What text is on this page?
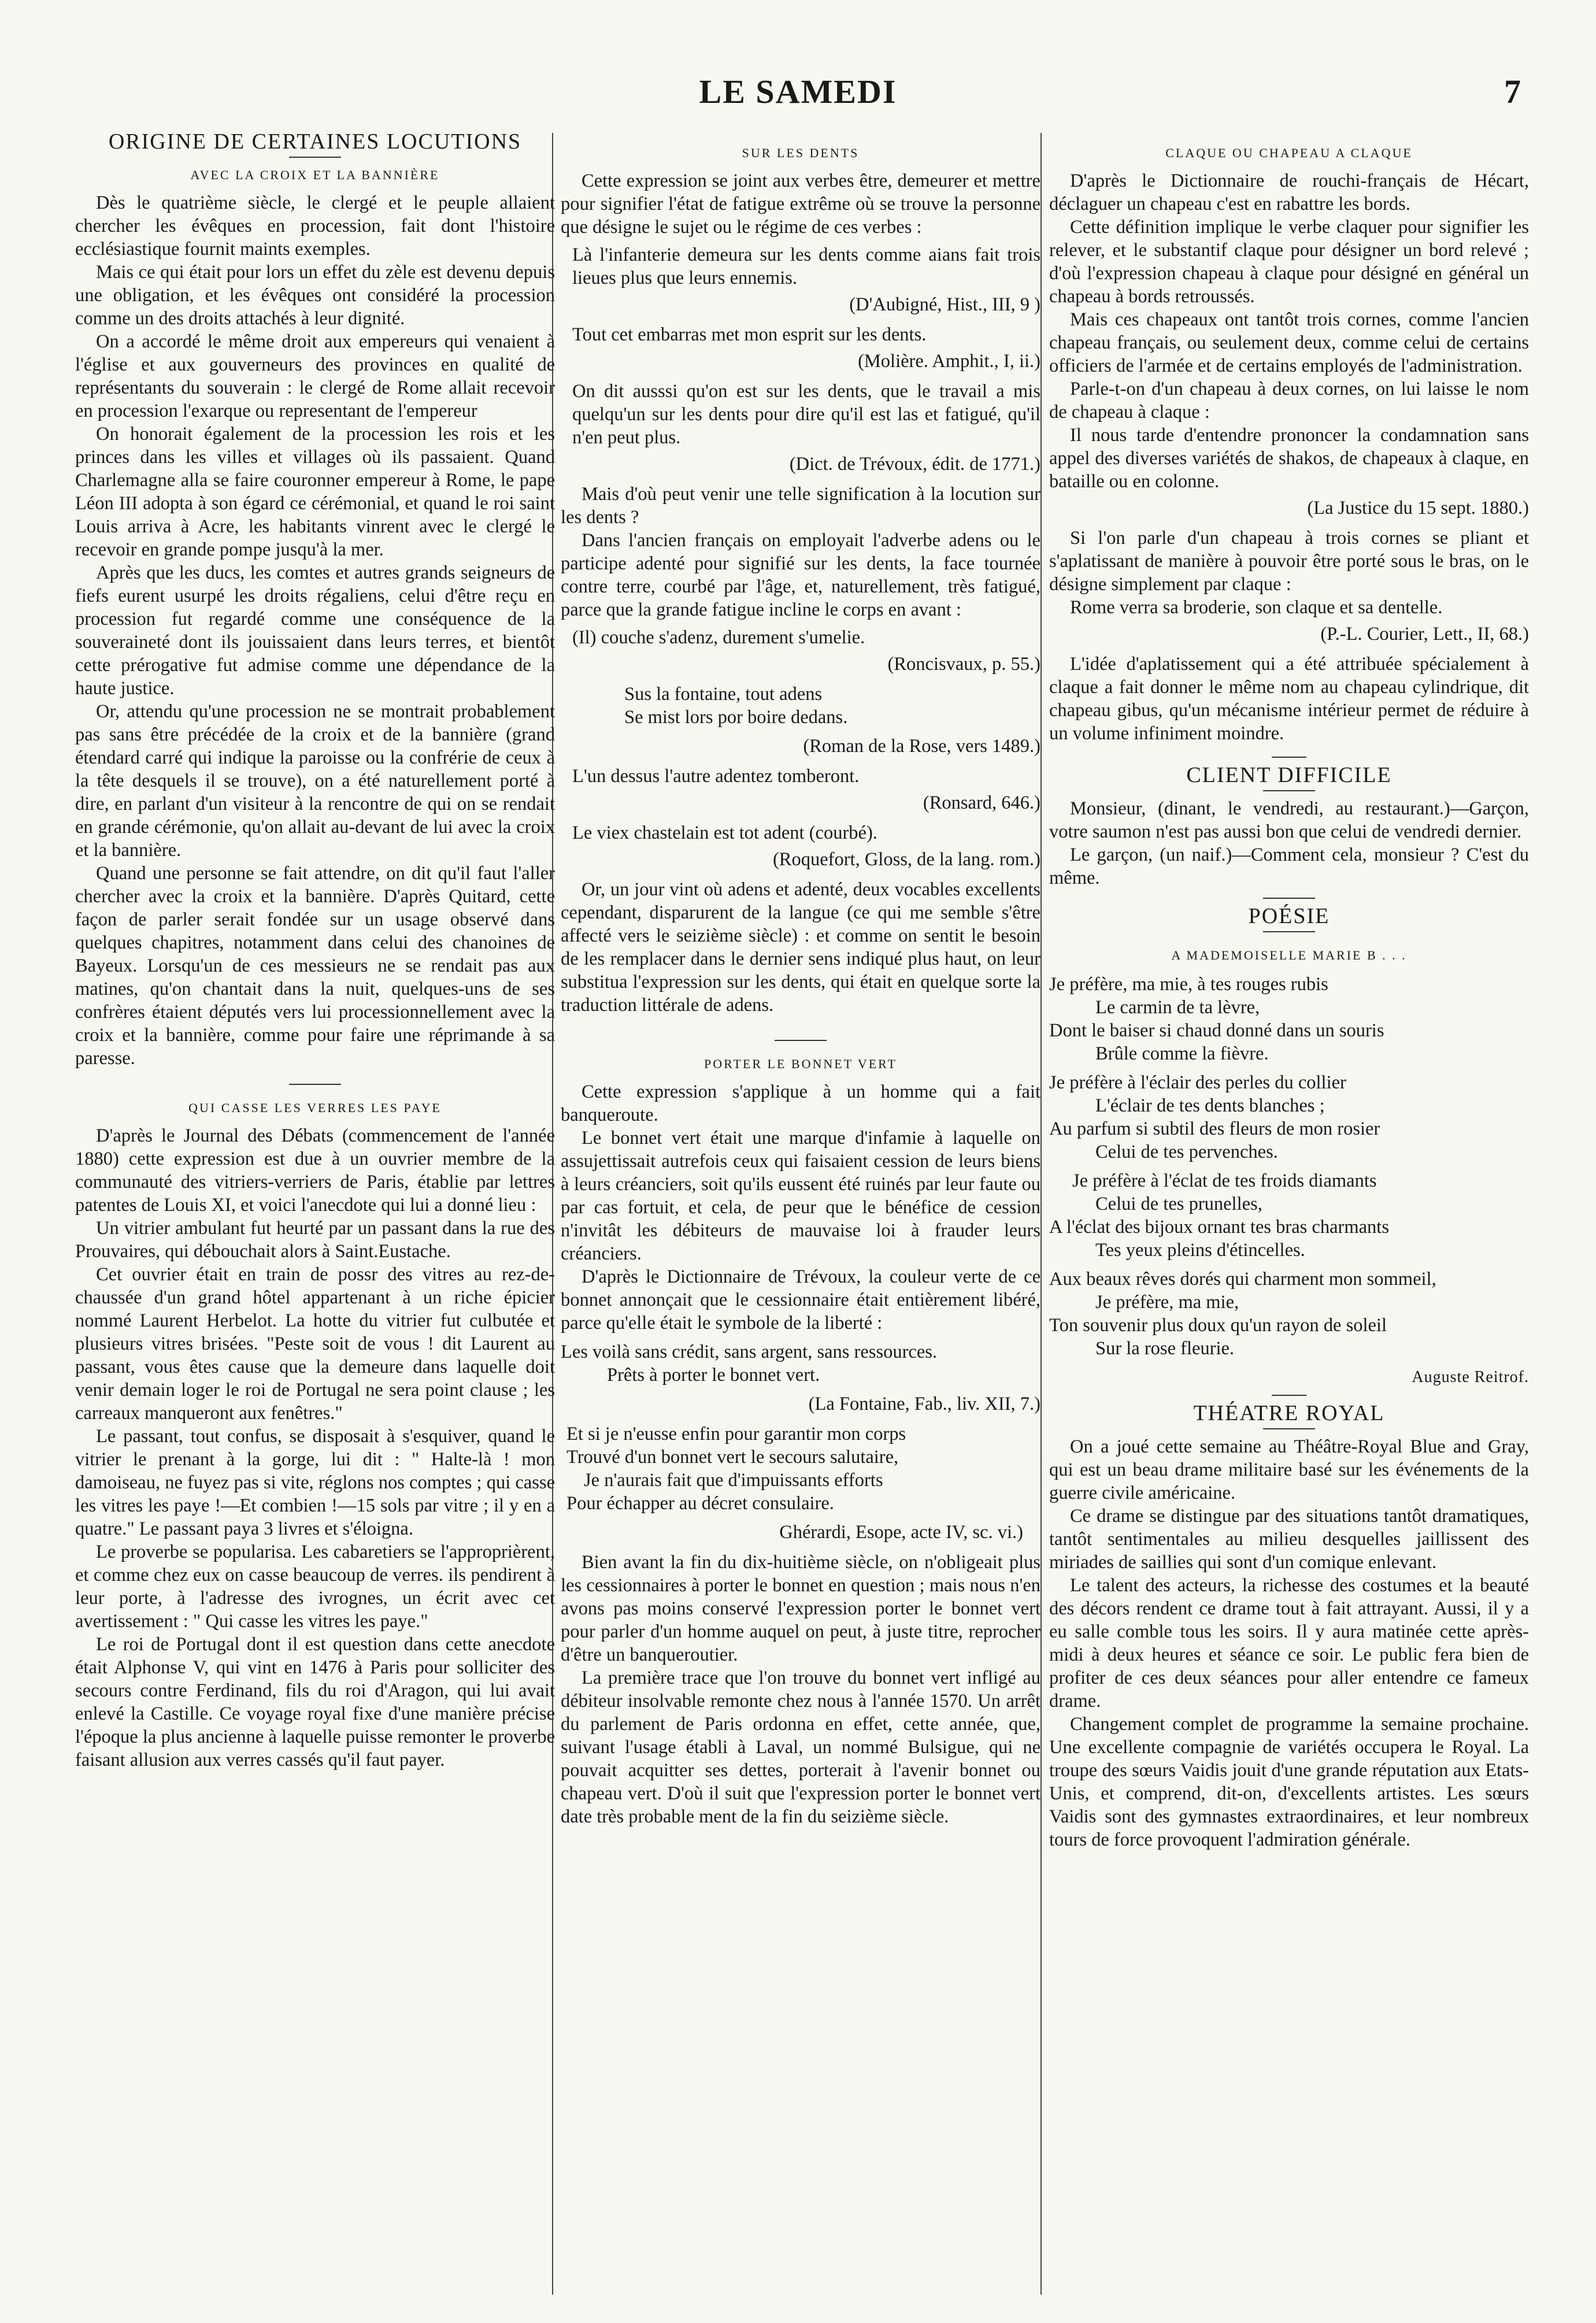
LE SAMEDI	7
ORIGINE DE CERTAINES LOCUTIONS
AVEC LA CROIX ET LA BANNIÈRE

Dès le quatrième siècle, le clergé et le peuple allaient chercher les évêques en procession, fait dont l'histoire ecclésiastique fournit maints exemples.

Mais ce qui était pour lors un effet du zèle est devenu depuis une obligation, et les évêques ont considéré la procession comme un des droits attachés à leur dignité.

On a accordé le même droit aux empereurs qui venaient à l'église et aux gouverneurs des provinces en qualité de représentants du souverain : le clergé de Rome allait recevoir en procession l'exarque ou representant de l'empereur

On honorait également de la procession les rois et les princes dans les villes et villages où ils passaient. Quand Charlemagne alla se faire couronner empereur à Rome, le pape Léon III adopta à son égard ce cérémonial, et quand le roi saint Louis arriva à Acre, les habitants vinrent avec le clergé le recevoir en grande pompe jusqu'à la mer.

Après que les ducs, les comtes et autres grands seigneurs de fiefs eurent usurpé les droits régaliens, celui d'être reçu en procession fut regardé comme une conséquence de la souveraineté dont ils jouissaient dans leurs terres, et bientôt cette prérogative fut admise comme une dépendance de la haute justice.

Or, attendu qu'une procession ne se montrait probablement pas sans être précédée de la croix et de la bannière (grand étendard carré qui indique la paroisse ou la confrérie de ceux à la tête desquels il se trouve), on a été naturellement porté à dire, en parlant d'un visiteur à la rencontre de qui on se rendait en grande cérémonie, qu'on allait au-devant de lui avec la croix et la bannière.

Quand une personne se fait attendre, on dit qu'il faut l'aller chercher avec la croix et la bannière. D'après Quitard, cette façon de parler serait fondée sur un usage observé dans quelques chapitres, notamment dans celui des chanoines de Bayeux. Lorsqu'un de ces messieurs ne se rendait pas aux matines, qu'on chantait dans la nuit, quelques-uns de ses confrères étaient députés vers lui processionnellement avec la croix et la bannière, comme pour faire une réprimande à sa paresse.

QUI CASSE LES VERRES LES PAYE

D'après le Journal des Débats (commencement de l'année 1880) cette expression est due à un ouvrier membre de la communauté des vitriers-verriers de Paris, établie par lettres patentes de Louis XI, et voici l'anecdote qui lui a donné lieu :

Un vitrier ambulant fut heurté par un passant dans la rue des Prouvaires, qui débouchait alors à Saint.Eustache.

Cet ouvrier était en train de possr des vitres au rez-de-chaussée d'un grand hôtel appartenant à un riche épicier nommé Laurent Herbelot. La hotte du vitrier fut culbutée et plusieurs vitres brisées. "Peste soit de vous ! dit Laurent au passant, vous êtes cause que la demeure dans laquelle doit venir demain loger le roi de Portugal ne sera point clause ; les carreaux manqueront aux fenêtres."

Le passant, tout confus, se disposait à s'esquiver, quand le vitrier le prenant à la gorge, lui dit : " Halte-là ! mon damoiseau, ne fuyez pas si vite, réglons nos comptes ; qui casse les vitres les paye !—Et combien !—15 sols par vitre ; il y en a quatre." Le passant paya 3 livres et s'éloigna.

Le proverbe se popularisa. Les cabaretiers se l'approprièrent, et comme chez eux on casse beaucoup de verres. ils pendirent à leur porte, à l'adresse des ivrognes, un écrit avec cet avertissement : " Qui casse les vitres les paye."

Le roi de Portugal dont il est question dans cette anecdote était Alphonse V, qui vint en 1476 à Paris pour solliciter des secours contre Ferdinand, fils du roi d'Aragon, qui lui avait enlevé la Castille. Ce voyage royal fixe d'une manière précise l'époque la plus ancienne à laquelle puisse remonter le proverbe faisant allusion aux verres cassés qu'il faut payer.

SUR LES DENTS

Cette expression se joint aux verbes être, demeurer et mettre pour signifier l'état de fatigue extrême où se trouve la personne que désigne le sujet ou le régime de ces verbes :

Là l'infanterie demeura sur les dents comme aians fait trois lieues plus que leurs ennemis.

(D'Aubigné, Hist., III, 9 )

Tout cet embarras met mon esprit sur les dents.

(Molière. Amphit., I, ii.)

On dit ausssi qu'on est sur les dents, que le travail a mis quelqu'un sur les dents pour dire qu'il est las et fatigué, qu'il n'en peut plus.

(Dict. de Trévoux, édit. de 1771.)

Mais d'où peut venir une telle signification à la locution sur les dents ?

Dans l'ancien français on employait l'adverbe adens ou le participe adenté pour signifié sur les dents, la face tournée contre terre, courbé par l'âge, et, naturellement, très fatigué, parce que la grande fatigue incline le corps en avant :

(Il) couche s'adenz, durement s'umelie.

(Roncisvaux, p. 55.)
Sus la fontaine, tout adens
Se mist lors por boire dedans.
(Roman de la Rose, vers 1489.)

L'un dessus l'autre adentez tomberont.

(Ronsard, 646.)

Le viex chastelain est tot adent (courbé).

(Roquefort, Gloss, de la lang. rom.)

Or, un jour vint où adens et adenté, deux vocables excellents cependant, disparurent de la langue (ce qui me semble s'être affecté vers le seizième siècle) : et comme on sentit le besoin de les remplacer dans le dernier sens indiqué plus haut, on leur substitua l'expression sur les dents, qui était en quelque sorte la traduction littérale de adens.

PORTER LE BONNET VERT

Cette expression s'applique à un homme qui a fait banqueroute.

Le bonnet vert était une marque d'infamie à laquelle on assujettissait autrefois ceux qui faisaient cession de leurs biens à leurs créanciers, soit qu'ils eussent été ruinés par leur faute ou par cas fortuit, et cela, de peur que le bénéfice de cession n'invitât les débiteurs de mauvaise loi à frauder leurs créanciers.

D'après le Dictionnaire de Trévoux, la couleur verte de ce bonnet annonçait que le cessionnaire était entièrement libéré, parce qu'elle était le symbole de la liberté :

Les voilà sans crédit, sans argent, sans ressources.
Prêts à porter le bonnet vert.
(La Fontaine, Fab., liv. XII, 7.)
Et si je n'eusse enfin pour garantir mon corps
Trouvé d'un bonnet vert le secours salutaire,
Je n'aurais fait que d'impuissants efforts
Pour échapper au décret consulaire.
Ghérardi, Esope, acte IV, sc. vi.)

Bien avant la fin du dix-huitième siècle, on n'obligeait plus les cessionnaires à porter le bonnet en question ; mais nous n'en avons pas moins conservé l'expression porter le bonnet vert pour parler d'un homme auquel on peut, à juste titre, reprocher d'être un banqueroutier.

La première trace que l'on trouve du bonnet vert infligé au débiteur insolvable remonte chez nous à l'année 1570. Un arrêt du parlement de Paris ordonna en effet, cette année, que, suivant l'usage établi à Laval, un nommé Bulsigue, qui ne pouvait acquitter ses dettes, porterait à l'avenir bonnet ou chapeau vert. D'où il suit que l'expression porter le bonnet vert date très probable ment de la fin du seizième siècle.

CLAQUE OU CHAPEAU A CLAQUE

D'après le Dictionnaire de rouchi-français de Hécart, déclaguer un chapeau c'est en rabattre les bords.

Cette définition implique le verbe claquer pour signifier les relever, et le substantif claque pour désigner un bord relevé ; d'où l'expression chapeau à claque pour désigné en général un chapeau à bords retroussés.

Mais ces chapeaux ont tantôt trois cornes, comme l'ancien chapeau français, ou seulement deux, comme celui de certains officiers de l'armée et de certains employés de l'administration.

Parle-t-on d'un chapeau à deux cornes, on lui laisse le nom de chapeau à claque :

Il nous tarde d'entendre prononcer la condamnation sans appel des diverses variétés de shakos, de chapeaux à claque, en bataille ou en colonne.

(La Justice du 15 sept. 1880.)

Si l'on parle d'un chapeau à trois cornes se pliant et s'aplatissant de manière à pouvoir être porté sous le bras, on le désigne simplement par claque :

Rome verra sa broderie, son claque et sa dentelle.

(P.-L. Courier, Lett., II, 68.)

L'idée d'aplatissement qui a été attribuée spécialement à claque a fait donner le même nom au chapeau cylindrique, dit chapeau gibus, qu'un mécanisme intérieur permet de réduire à un volume infiniment moindre.

CLIENT DIFFICILE

Monsieur, (dinant, le vendredi, au restaurant.)—Garçon, votre saumon n'est pas aussi bon que celui de vendredi dernier.

Le garçon, (un naif.)—Comment cela, monsieur ? C'est du même.

POÉSIE
A MADEMOISELLE MARIE B . . .
Je préfère, ma mie, à tes rouges rubis
Le carmin de ta lèvre,
Dont le baiser si chaud donné dans un souris
Brûle comme la fièvre.
Je préfère à l'éclair des perles du collier
L'éclair de tes dents blanches ;
Au parfum si subtil des fleurs de mon rosier
Celui de tes pervenches.
Je préfère à l'éclat de tes froids diamants
Celui de tes prunelles,
A l'éclat des bijoux ornant tes bras charmants
Tes yeux pleins d'étincelles.
Aux beaux rêves dorés qui charment mon sommeil,
Je préfère, ma mie,
Ton souvenir plus doux qu'un rayon de soleil
Sur la rose fleurie.
Auguste Reitrof.
THÉATRE ROYAL

On a joué cette semaine au Théâtre-Royal Blue and Gray, qui est un beau drame militaire basé sur les événements de la guerre civile américaine.

Ce drame se distingue par des situations tantôt dramatiques, tantôt sentimentales au milieu desquelles jaillissent des miriades de saillies qui sont d'un comique enlevant.

Le talent des acteurs, la richesse des costumes et la beauté des décors rendent ce drame tout à fait attrayant. Aussi, il y a eu salle comble tous les soirs. Il y aura matinée cette après-midi à deux heures et séance ce soir. Le public fera bien de profiter de ces deux séances pour aller entendre ce fameux drame.

Changement complet de programme la semaine prochaine. Une excellente compagnie de variétés occupera le Royal. La troupe des sœurs Vaidis jouit d'une grande réputation aux Etats-Unis, et comprend, dit-on, d'excellents artistes. Les sœurs Vaidis sont des gymnastes extraordinaires, et leur nombreux tours de force provoquent l'admiration générale.
